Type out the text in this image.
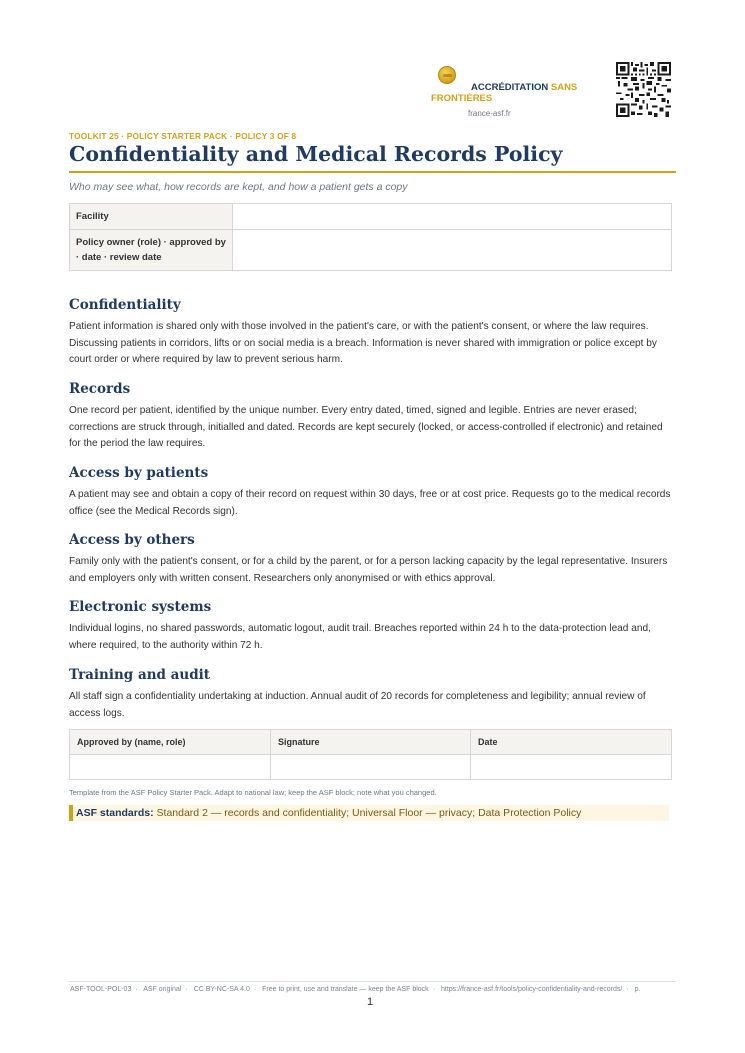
ACCRÉDITATION SANS
FRONTIÈRES
france-asf.fr
TOOLKIT 25 · POLICY STARTER PACK · POLICY 3 OF 8
Confidentiality and Medical Records Policy
Who may see what, how records are kept, and how a patient gets a copy
Facility	
Policy owner (role) · approved by · date · review date	
Confidentiality

Patient information is shared only with those involved in the patient's care, or with the patient's consent, or where the law requires. Discussing patients in corridors, lifts or on social media is a breach. Information is never shared with immigration or police except by court order or where required by law to prevent serious harm.

Records

One record per patient, identified by the unique number. Every entry dated, timed, signed and legible. Entries are never erased; corrections are struck through, initialled and dated. Records are kept securely (locked, or access-controlled if electronic) and retained for the period the law requires.

Access by patients

A patient may see and obtain a copy of their record on request within 30 days, free or at cost price. Requests go to the medical records office (see the Medical Records sign).

Access by others

Family only with the patient's consent, or for a child by the parent, or for a person lacking capacity by the legal representative. Insurers and employers only with written consent. Researchers only anonymised or with ethics approval.

Electronic systems

Individual logins, no shared passwords, automatic logout, audit trail. Breaches reported within 24 h to the data-protection lead and, where required, to the authority within 72 h.

Training and audit

All staff sign a confidentiality undertaking at induction. Annual audit of 20 records for completeness and legibility; annual review of access logs.

Approved by (name, role)	Signature	Date

Template from the ASF Policy Starter Pack. Adapt to national law; keep the ASF block; note what you changed.
ASF standards: Standard 2 — records and confidentiality; Universal Floor — privacy; Data Protection Policy
ASF-TOOL-POL-03 · ASF original · CC BY-NC-SA 4.0 · Free to print, use and translate — keep the ASF block · https://france-asf.fr/tools/policy-confidentiality-and-records/ · p.
1
